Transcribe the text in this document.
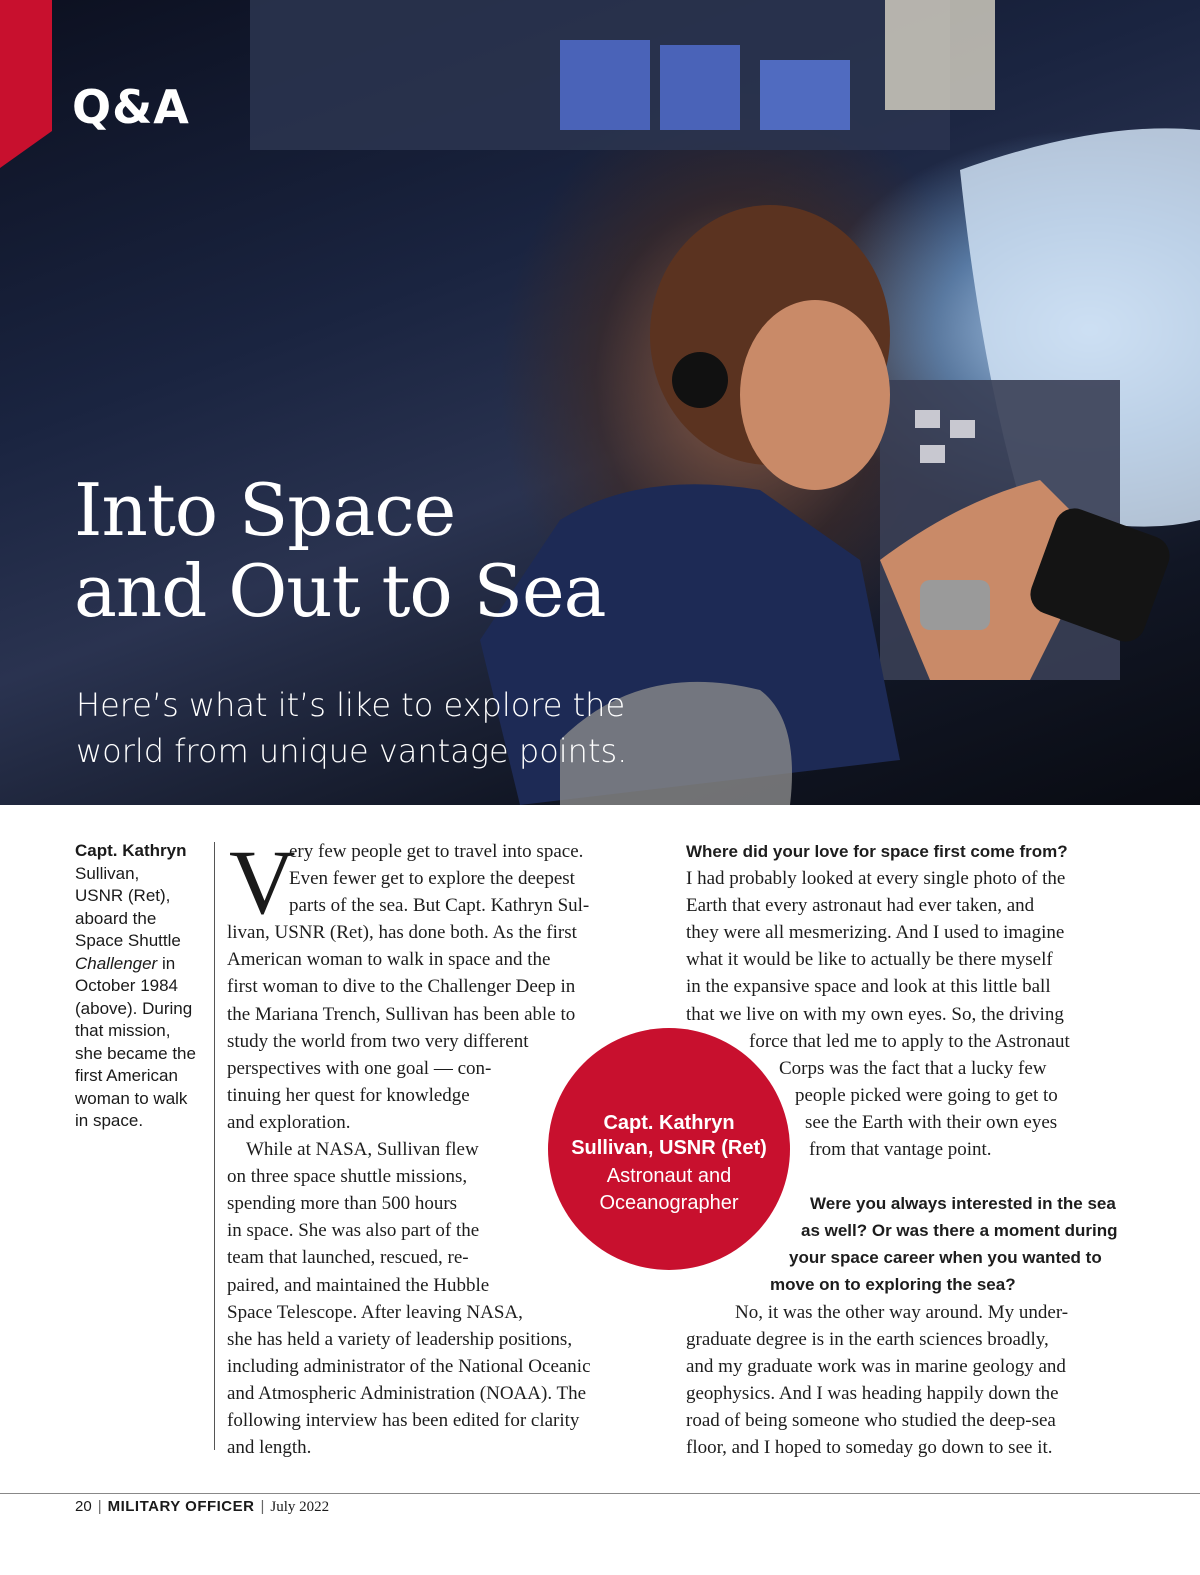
Q&A
Into Space
and Out to Sea
Here’s what it’s like to explore the
world from unique vantage points.
Capt. Kathryn
Sullivan,
USNR (Ret),
aboard the
Space Shuttle
Challenger in
October 1984
(above). During
that mission,
she became the
first American
woman to walk
in space.
V
ery few people get to travel into space.
Even fewer get to explore the deepest
parts of the sea. But Capt. Kathryn Sul-
livan, USNR (Ret), has done both. As the first
American woman to walk in space and the
first woman to dive to the Challenger Deep in
the Mariana Trench, Sullivan has been able to
study the world from two very different
perspectives with one goal — con-
tinuing her quest for knowledge
and exploration.
While at NASA, Sullivan flew
on three space shuttle missions,
spending more than 500 hours
in space. She was also part of the
team that launched, rescued, re-
paired, and maintained the Hubble
Space Telescope. After leaving NASA,
she has held a variety of leadership positions,
including administrator of the National Oceanic
and Atmospheric Administration (NOAA). The
following interview has been edited for clarity
and length.
Where did your love for space first come from?
I had probably looked at every single photo of the
Earth that every astronaut had ever taken, and
they were all mesmerizing. And I used to imagine
what it would be like to actually be there myself
in the expansive space and look at this little ball
that we live on with my own eyes. So, the driving
force that led me to apply to the Astronaut
Corps was the fact that a lucky few
people picked were going to get to
see the Earth with their own eyes
from that vantage point.
Were you always interested in the sea
as well? Or was there a moment during
your space career when you wanted to
move on to exploring the sea?
No, it was the other way around. My under-
graduate degree is in the earth sciences broadly,
and my graduate work was in marine geology and
geophysics. And I was heading happily down the
road of being someone who studied the deep-sea
floor, and I hoped to someday go down to see it.
Capt. Kathryn
Sullivan, USNR (Ret)
Astronaut and
Oceanographer
20 | MILITARY OFFICER | July 2022
